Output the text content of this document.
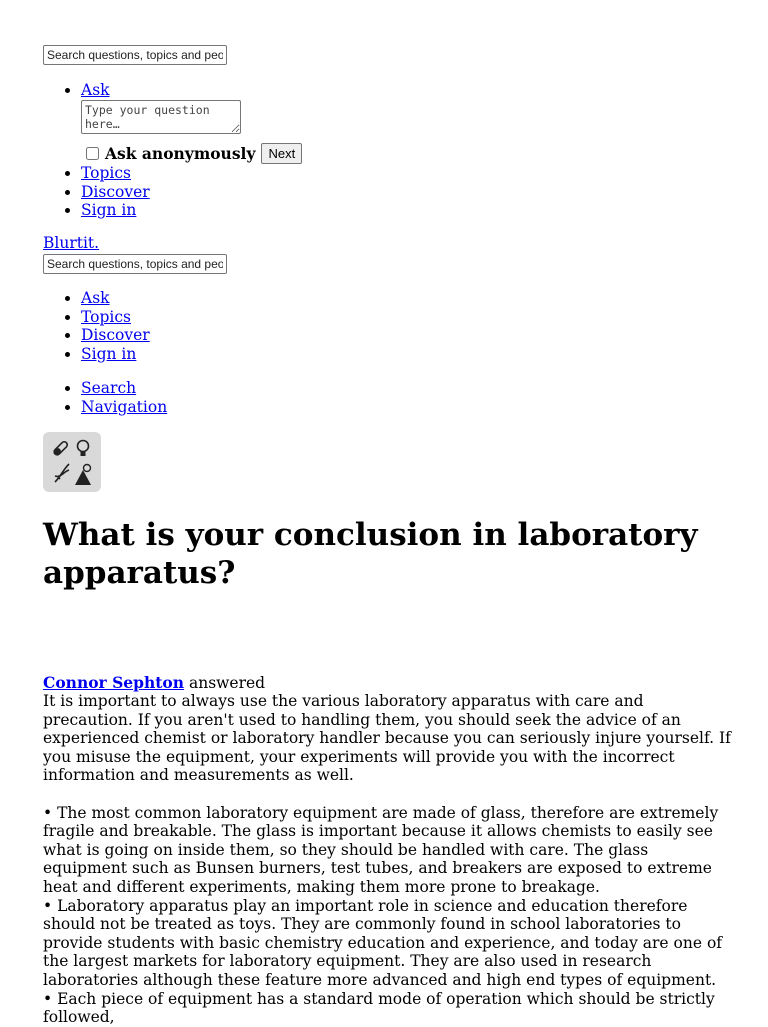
Search questions, topics and people
• Ask
Type your question here…
Ask anonymously	Next
• Topics
• Discover
• Sign in
Blurtit.
Search questions, topics and people
• Ask
• Topics
• Discover
• Sign in
• Search
• Navigation
What is your conclusion in laboratory apparatus?
Connor Sephton answered

It is important to always use the various laboratory apparatus with care and precaution. If you aren't used to handling them, you should seek the advice of an experienced chemist or laboratory handler because you can seriously injure yourself. If you misuse the equipment, your experiments will provide you with the incorrect information and measurements as well.

• The most common laboratory equipment are made of glass, therefore are extremely fragile and breakable. The glass is important because it allows chemists to easily see what is going on inside them, so they should be handled with care. The glass equipment such as Bunsen burners, test tubes, and breakers are exposed to extreme heat and different experiments, making them more prone to breakage.

• Laboratory apparatus play an important role in science and education therefore should not be treated as toys. They are commonly found in school laboratories to provide students with basic chemistry education and experience, and today are one of the largest markets for laboratory equipment. They are also used in research laboratories although these feature more advanced and high end types of equipment.

• Each piece of equipment has a standard mode of operation which should be strictly followed,
